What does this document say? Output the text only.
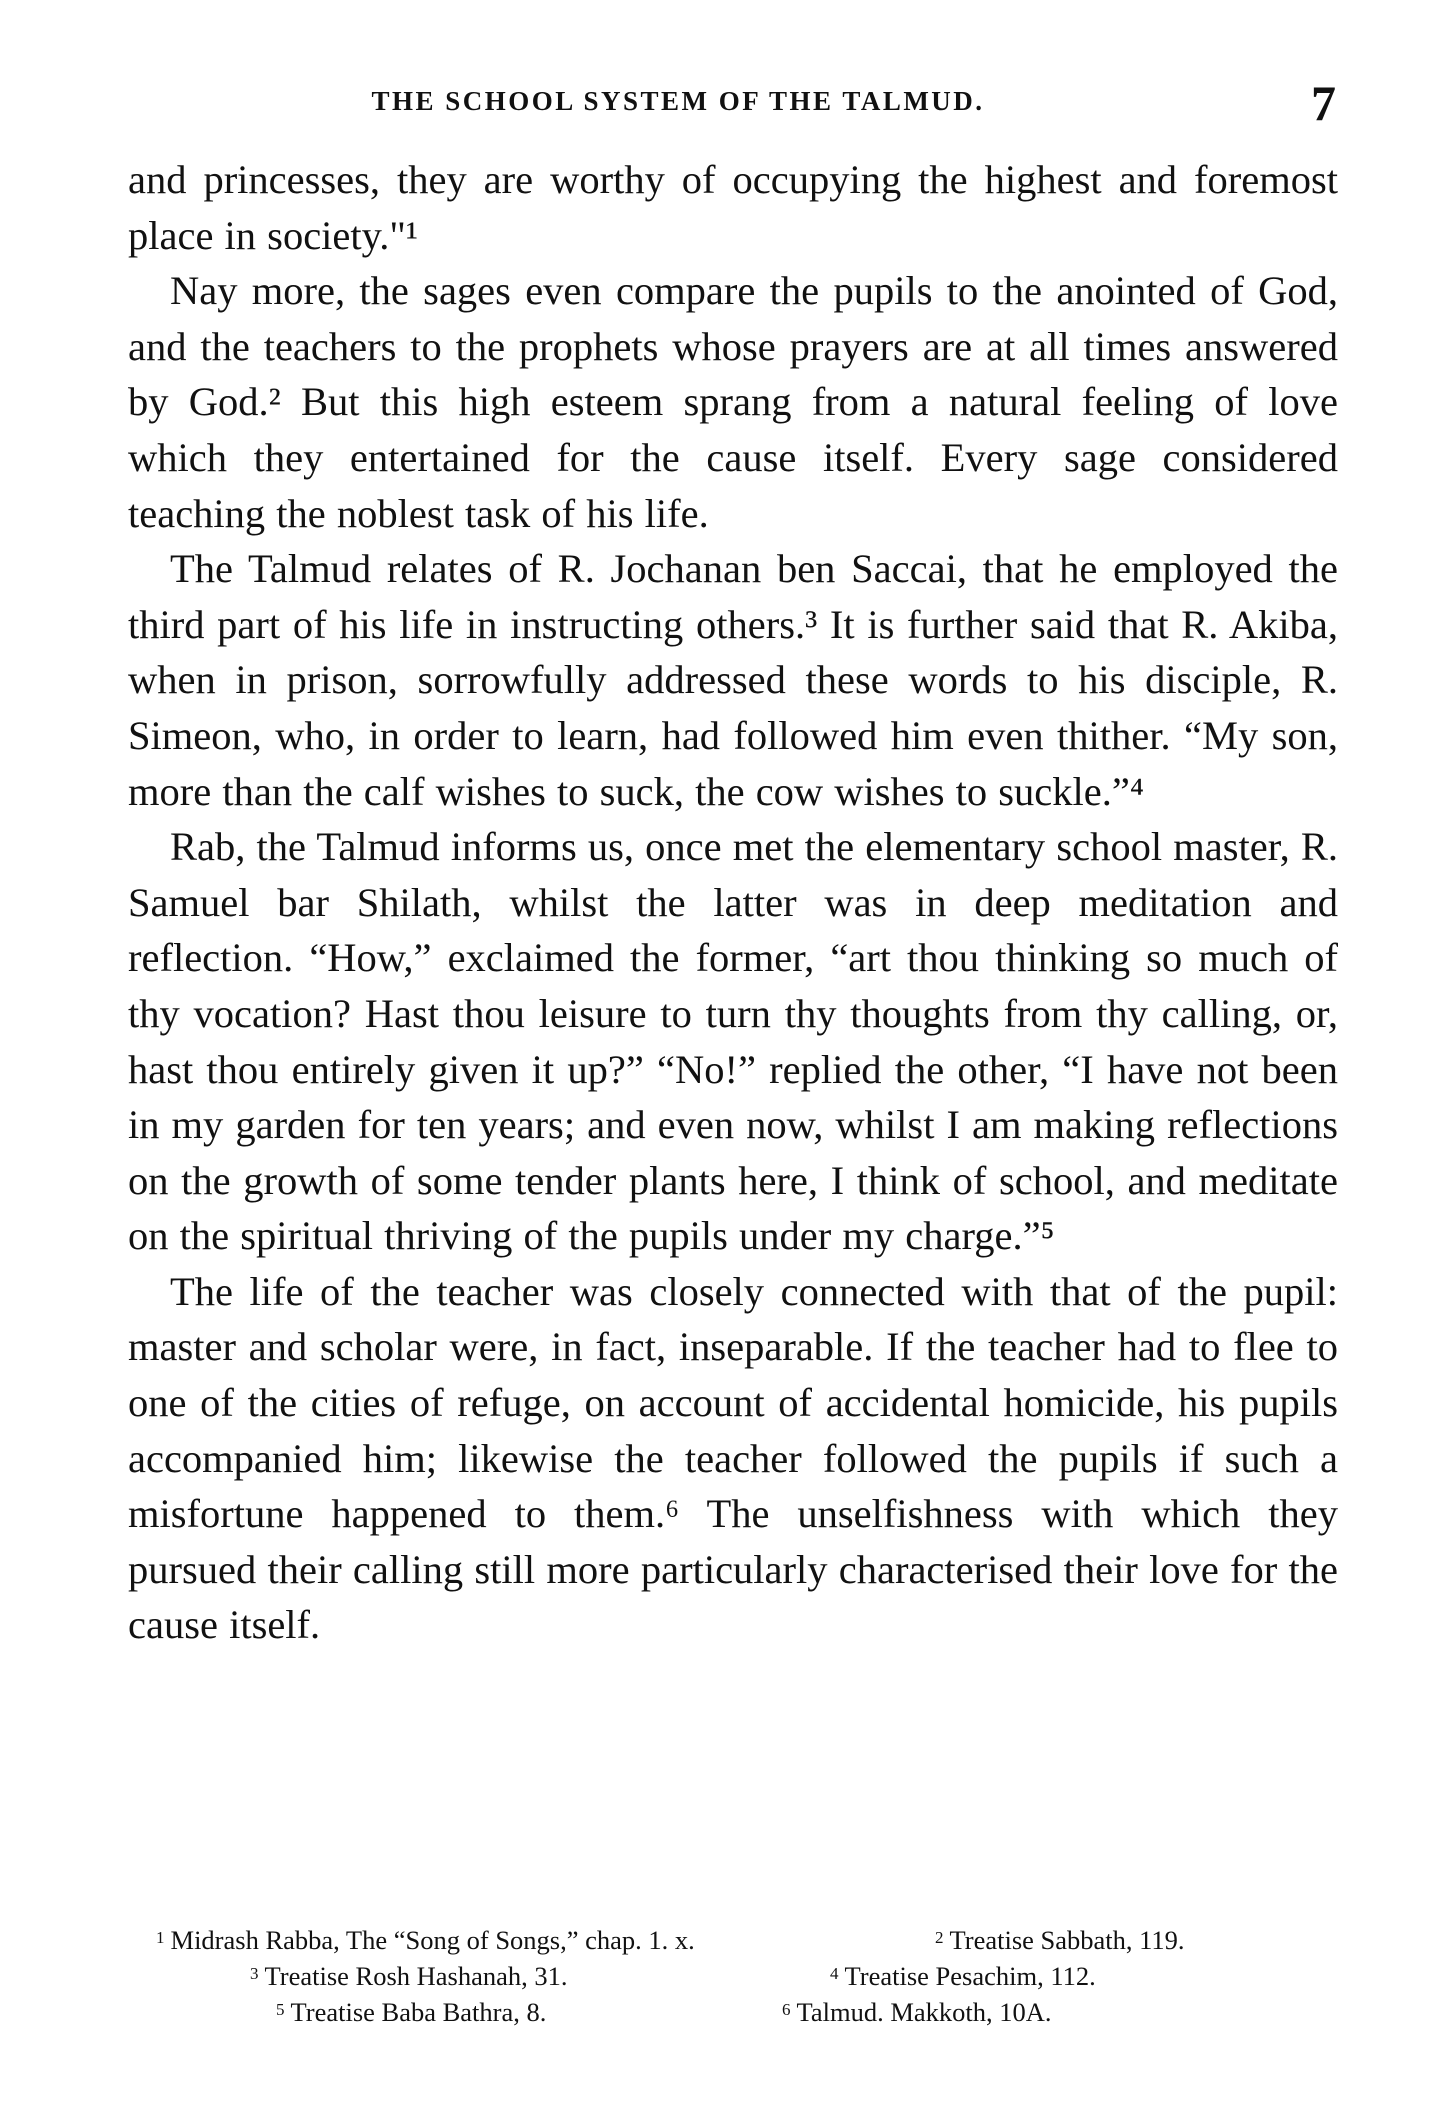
THE SCHOOL SYSTEM OF THE TALMUD.	7

and princesses, they are worthy of occupying the highest and foremost place in society."¹

Nay more, the sages even compare the pupils to the anointed of God, and the teachers to the prophets whose prayers are at all times answered by God.² But this high esteem sprang from a natural feeling of love which they entertained for the cause itself. Every sage considered teaching the noblest task of his life.

The Talmud relates of R. Jochanan ben Saccai, that he employed the third part of his life in instructing others.³ It is further said that R. Akiba, when in prison, sorrowfully addressed these words to his disciple, R. Simeon, who, in order to learn, had followed him even thither. “My son, more than the calf wishes to suck, the cow wishes to suckle.”⁴

Rab, the Talmud informs us, once met the elementary school master, R. Samuel bar Shilath, whilst the latter was in deep meditation and reflection. “How,” exclaimed the former, “art thou thinking so much of thy vocation? Hast thou leisure to turn thy thoughts from thy calling, or, hast thou entirely given it up?” “No!” replied the other, “I have not been in my garden for ten years; and even now, whilst I am making reflections on the growth of some tender plants here, I think of school, and meditate on the spiritual thriving of the pupils under my charge.”⁵

The life of the teacher was closely connected with that of the pupil: master and scholar were, in fact, inseparable. If the teacher had to flee to one of the cities of refuge, on account of accidental homicide, his pupils accompanied him; likewise the teacher followed the pupils if such a misfortune happened to them.⁶ The unselfishness with which they pursued their calling still more particularly characterised their love for the cause itself.

$^1$ Midrash Rabba, The “Song of Songs,” chap. 1. x.	$^2$ Treatise Sabbath, 119.
$^3$ Treatise Rosh Hashanah, 31.	$^4$ Treatise Pesachim, 112.
$^5$ Treatise Baba Bathra, 8.	$^6$ Talmud. Makkoth, 10A.
